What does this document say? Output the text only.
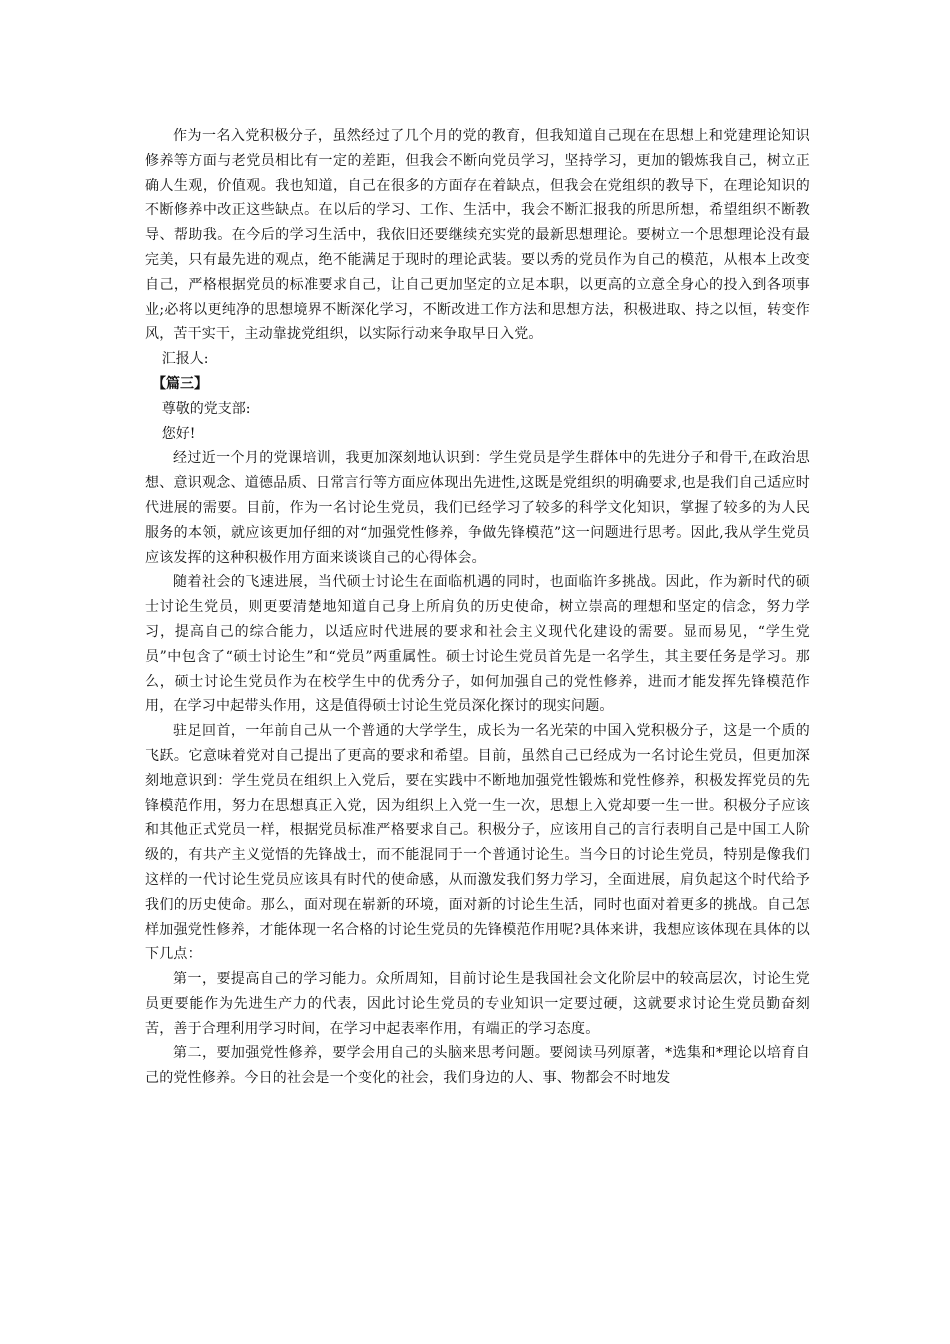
作为一名入党积极分子，虽然经过了几个月的党的教育，但我知道自己现在在思想上和党建理论知识修养等方面与老党员相比有一定的差距，但我会不断向党员学习，坚持学习，更加的锻炼我自己，树立正确人生观，价值观。我也知道，自己在很多的方面存在着缺点，但我会在党组织的教导下，在理论知识的不断修养中改正这些缺点。在以后的学习、工作、生活中，我会不断汇报我的所思所想，希望组织不断教导、帮助我。在今后的学习生活中，我依旧还要继续充实党的最新思想理论。要树立一个思想理论没有最完美，只有最先进的观点，绝不能满足于现时的理论武装。要以秀的党员作为自己的模范，从根本上改变自己，严格根据党员的标准要求自己，让自己更加坚定的立足本职，以更高的立意全身心的投入到各项事业;必将以更纯净的思想境界不断深化学习，不断改进工作方法和思想方法，积极进取、持之以恒，转变作风，苦干实干，主动靠拢党组织，以实际行动来争取早日入党。

汇报人:

【篇三】

尊敬的党支部:

您好!

经过近一个月的党课培训，我更加深刻地认识到：学生党员是学生群体中的先进分子和骨干,在政治思想、意识观念、道德品质、日常言行等方面应体现出先进性,这既是党组织的明确要求,也是我们自己适应时代进展的需要。目前，作为一名讨论生党员，我们已经学习了较多的科学文化知识，掌握了较多的为人民服务的本领，就应该更加仔细的对“加强党性修养，争做先锋模范”这一问题进行思考。因此,我从学生党员应该发挥的这种积极作用方面来谈谈自己的心得体会。

随着社会的飞速进展，当代硕士讨论生在面临机遇的同时，也面临许多挑战。因此，作为新时代的硕士讨论生党员，则更要清楚地知道自己身上所肩负的历史使命，树立崇高的理想和坚定的信念，努力学习，提高自己的综合能力，以适应时代进展的要求和社会主义现代化建设的需要。显而易见，“学生党员”中包含了“硕士讨论生”和“党员”两重属性。硕士讨论生党员首先是一名学生，其主要任务是学习。那么，硕士讨论生党员作为在校学生中的优秀分子，如何加强自己的党性修养，进而才能发挥先锋模范作用，在学习中起带头作用，这是值得硕士讨论生党员深化探讨的现实问题。

驻足回首，一年前自己从一个普通的大学学生，成长为一名光荣的中国入党积极分子，这是一个质的飞跃。它意味着党对自己提出了更高的要求和希望。目前，虽然自己已经成为一名讨论生党员，但更加深刻地意识到：学生党员在组织上入党后，要在实践中不断地加强党性锻炼和党性修养，积极发挥党员的先锋模范作用，努力在思想真正入党，因为组织上入党一生一次，思想上入党却要一生一世。积极分子应该和其他正式党员一样，根据党员标准严格要求自己。积极分子，应该用自己的言行表明自己是中国工人阶级的，有共产主义觉悟的先锋战士，而不能混同于一个普通讨论生。当今日的讨论生党员，特别是像我们这样的一代讨论生党员应该具有时代的使命感，从而激发我们努力学习，全面进展，肩负起这个时代给予我们的历史使命。那么，面对现在崭新的环境，面对新的讨论生生活，同时也面对着更多的挑战。自己怎样加强党性修养，才能体现一名合格的讨论生党员的先锋模范作用呢?具体来讲，我想应该体现在具体的以下几点：

第一，要提高自己的学习能力。众所周知，目前讨论生是我国社会文化阶层中的较高层次，讨论生党员更要能作为先进生产力的代表，因此讨论生党员的专业知识一定要过硬，这就要求讨论生党员勤奋刻苦，善于合理利用学习时间，在学习中起表率作用，有端正的学习态度。

第二，要加强党性修养，要学会用自己的头脑来思考问题。要阅读马列原著，*选集和*理论以培育自己的党性修养。今日的社会是一个变化的社会，我们身边的人、事、物都会不时地发
